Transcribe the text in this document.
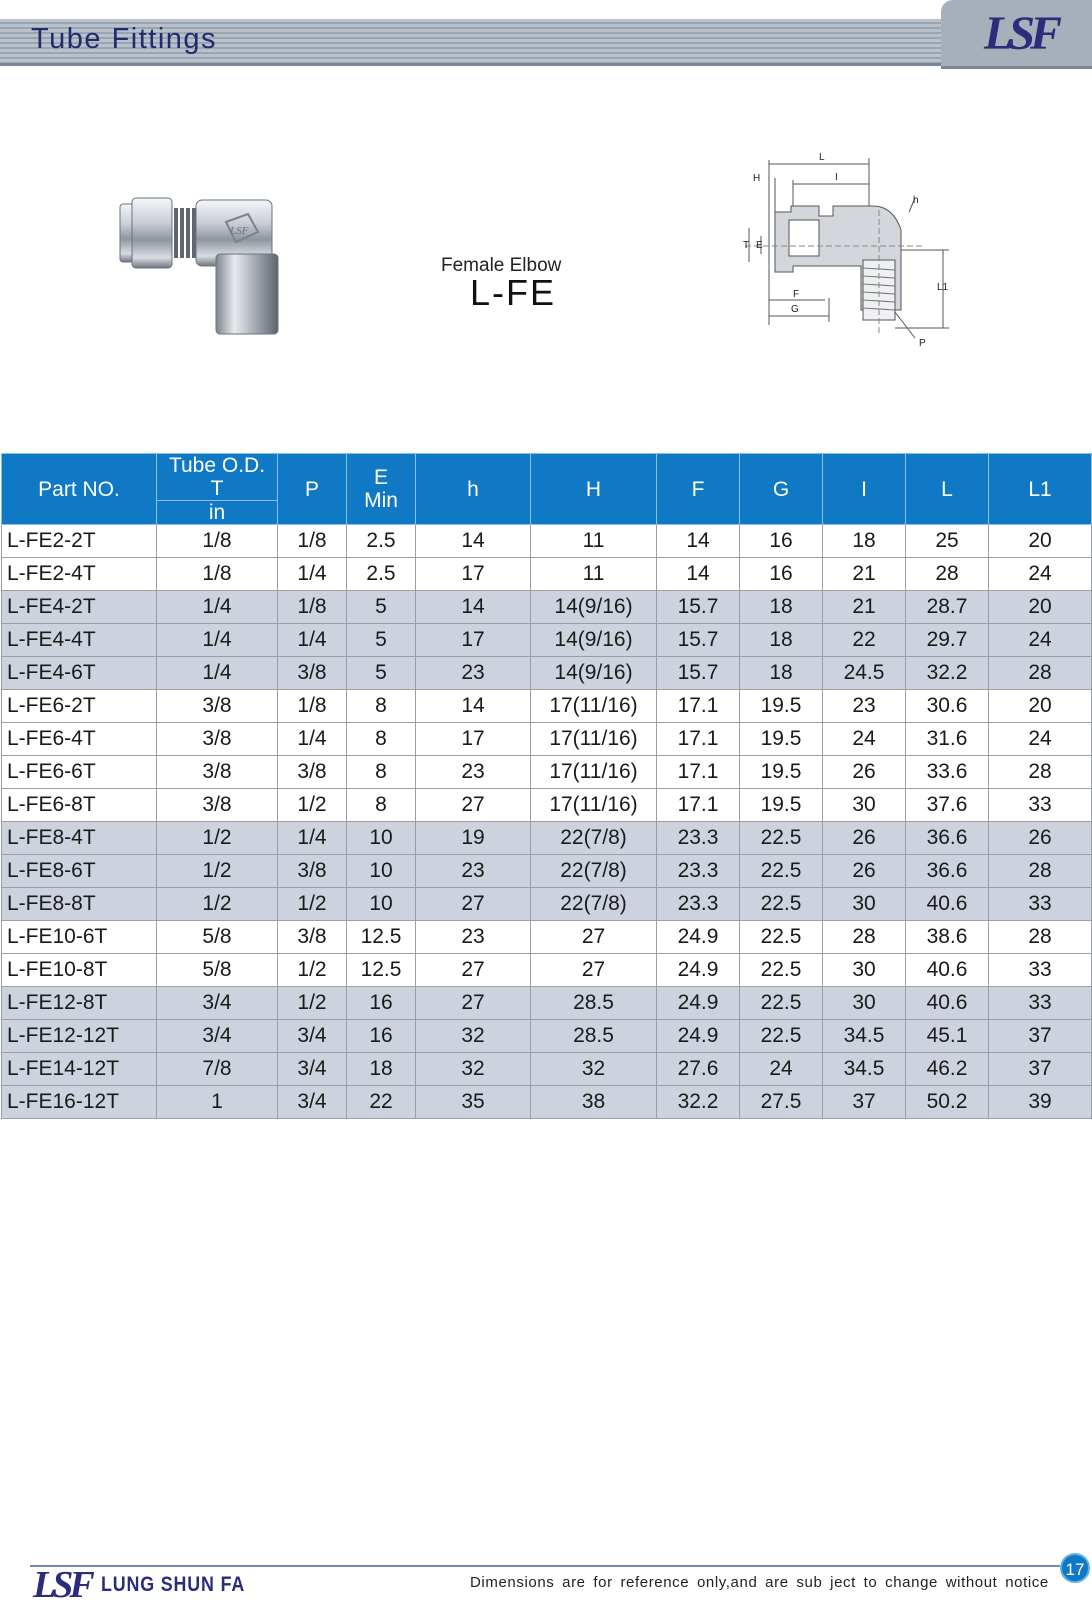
Tube Fittings	LSF
LSF
Female Elbow
L-FE
L
I
H
h
T E
F
G
L1
P
Part NO.	Tube O.D.
T
in	P	E
Min	h	H	F	G	I	L	L1
L-FE2-2T	1/8	1/8	2.5	14	11	14	16	18	25	20
L-FE2-4T	1/8	1/4	2.5	17	11	14	16	21	28	24
L-FE4-2T	1/4	1/8	5	14	14(9/16)	15.7	18	21	28.7	20
L-FE4-4T	1/4	1/4	5	17	14(9/16)	15.7	18	22	29.7	24
L-FE4-6T	1/4	3/8	5	23	14(9/16)	15.7	18	24.5	32.2	28
L-FE6-2T	3/8	1/8	8	14	17(11/16)	17.1	19.5	23	30.6	20
L-FE6-4T	3/8	1/4	8	17	17(11/16)	17.1	19.5	24	31.6	24
L-FE6-6T	3/8	3/8	8	23	17(11/16)	17.1	19.5	26	33.6	28
L-FE6-8T	3/8	1/2	8	27	17(11/16)	17.1	19.5	30	37.6	33
L-FE8-4T	1/2	1/4	10	19	22(7/8)	23.3	22.5	26	36.6	26
L-FE8-6T	1/2	3/8	10	23	22(7/8)	23.3	22.5	26	36.6	28
L-FE8-8T	1/2	1/2	10	27	22(7/8)	23.3	22.5	30	40.6	33
L-FE10-6T	5/8	3/8	12.5	23	27	24.9	22.5	28	38.6	28
L-FE10-8T	5/8	1/2	12.5	27	27	24.9	22.5	30	40.6	33
L-FE12-8T	3/4	1/2	16	27	28.5	24.9	22.5	30	40.6	33
L-FE12-12T	3/4	3/4	16	32	28.5	24.9	22.5	34.5	45.1	37
L-FE14-12T	7/8	3/4	18	32	32	27.6	24	34.5	46.2	37
L-FE16-12T	1	3/4	22	35	38	32.2	27.5	37	50.2	39
LSF LUNG SHUN FA	Dimensions are for reference only,and are sub ject to change without notice
17
